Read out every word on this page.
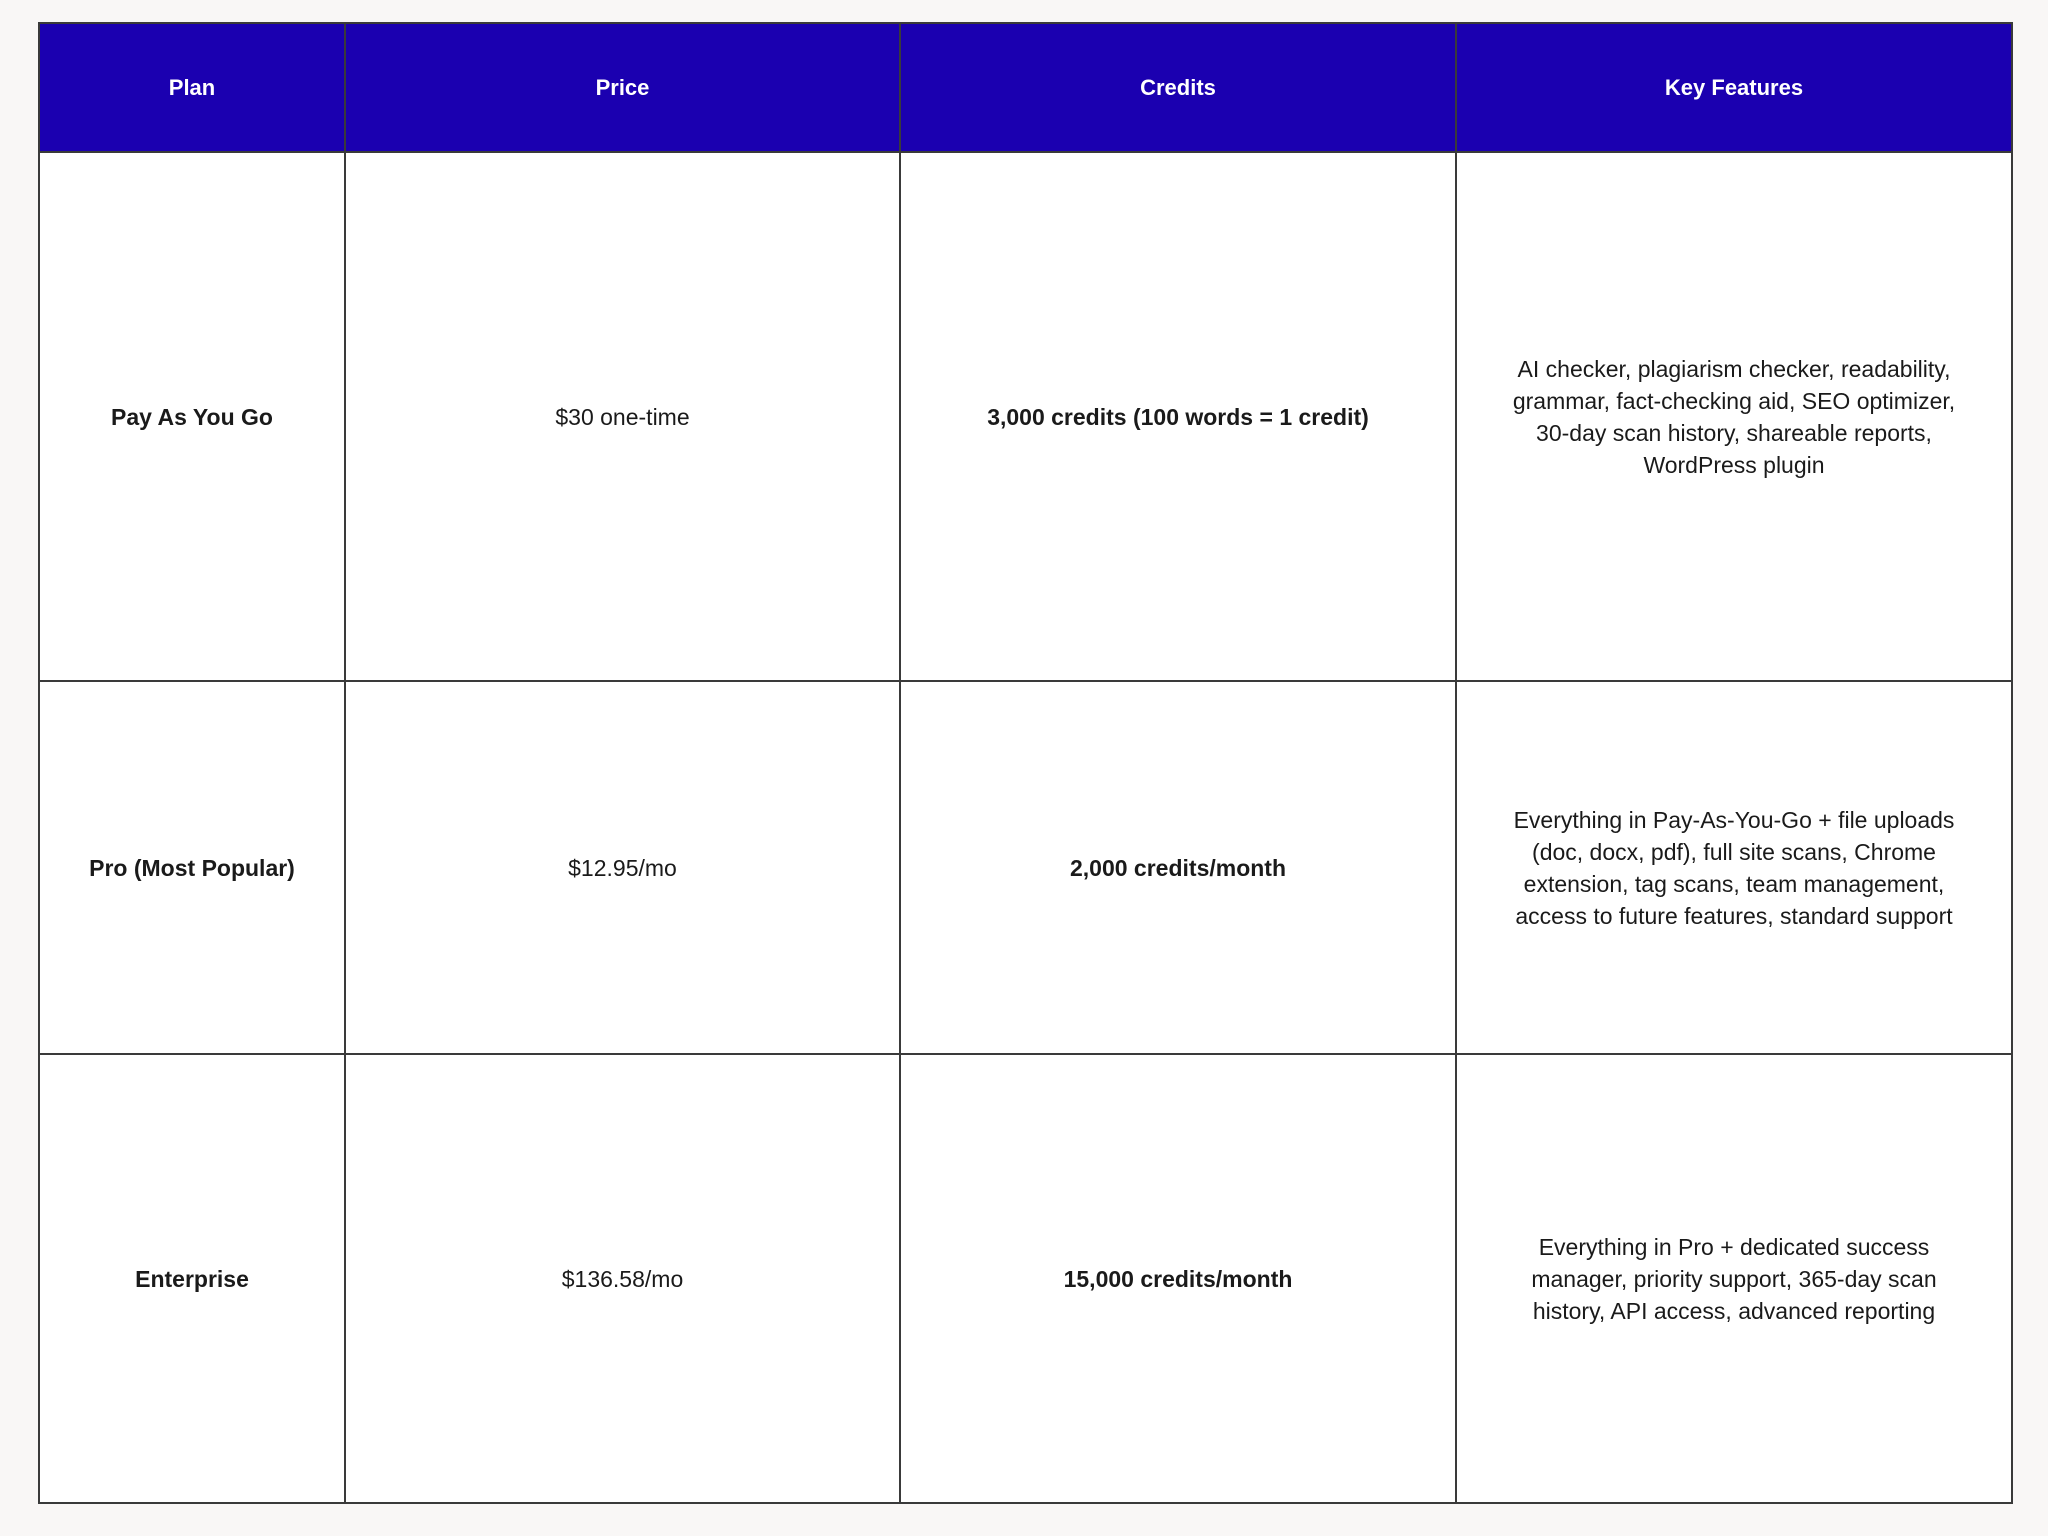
Plan	Price	Credits	Key Features
Pay As You Go	$30 one-time	3,000 credits (100 words = 1 credit)	AI checker, plagiarism checker, readability, grammar, fact-checking aid, SEO optimizer, 30-day scan history, shareable reports, WordPress plugin
Pro (Most Popular)	$12.95/mo	2,000 credits/month	Everything in Pay-As-You-Go + file uploads (doc, docx, pdf), full site scans, Chrome extension, tag scans, team management, access to future features, standard support
Enterprise	$136.58/mo	15,000 credits/month	Everything in Pro + dedicated success manager, priority support, 365-day scan history, API access, advanced reporting
